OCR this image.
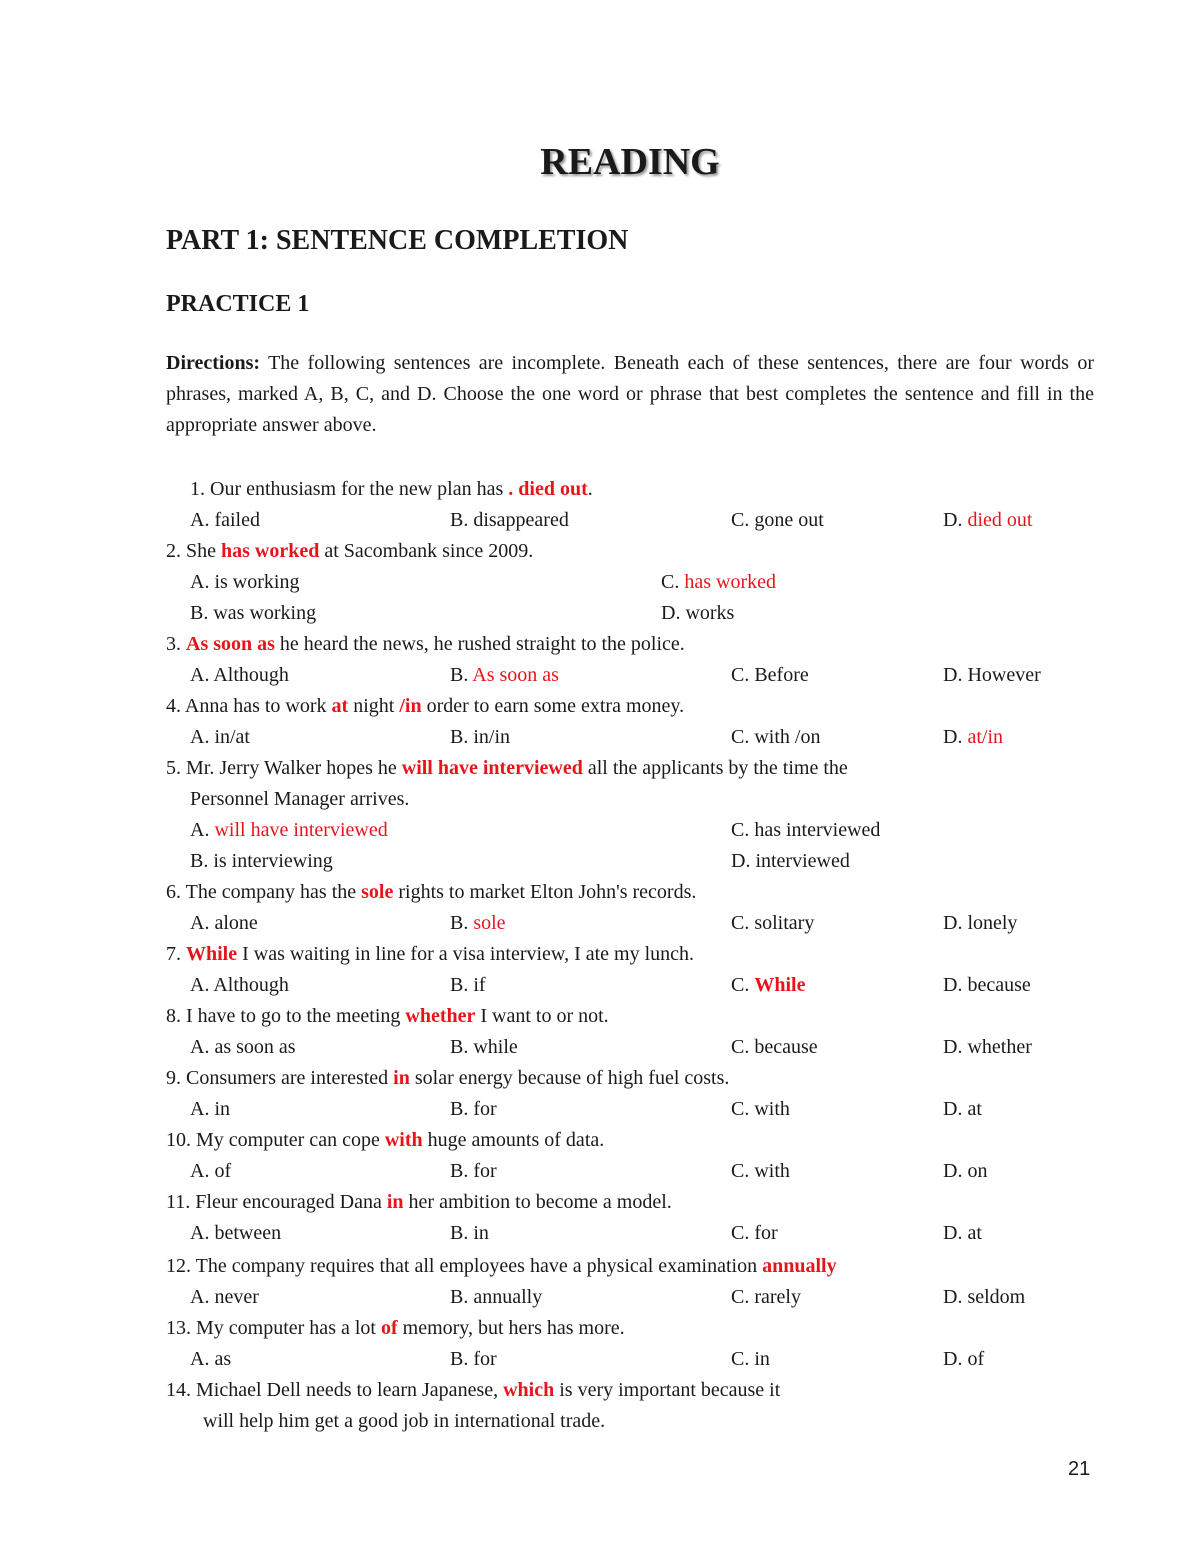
READING
PART 1: SENTENCE COMPLETION
PRACTICE 1
Directions: The following sentences are incomplete. Beneath each of these sentences, there are four words or phrases, marked A, B, C, and D. Choose the one word or phrase that best completes the sentence and fill in the appropriate answer above.
1. Our enthusiasm for the new plan has . died out.
A. failed	B. disappeared	C. gone out	D. died out
2. She has worked at Sacombank since 2009.
A. is working	C. has worked
B. was working	D. works
3. As soon as he heard the news, he rushed straight to the police.
A. Although	B. As soon as	C. Before	D. However
4. Anna has to work at night /in order to earn some extra money.
A. in/at	B. in/in	C. with /on	D. at/in
5. Mr. Jerry Walker hopes he will have interviewed all the applicants by the time the
Personnel Manager arrives.
A. will have interviewed	C. has interviewed
B. is interviewing	D. interviewed
6. The company has the sole rights to market Elton John's records.
A. alone	B. sole	C. solitary	D. lonely
7. While I was waiting in line for a visa interview, I ate my lunch.
A. Although	B. if	C. While	D. because
8. I have to go to the meeting whether I want to or not.
A. as soon as	B. while	C. because	D. whether
9. Consumers are interested in solar energy because of high fuel costs.
A. in	B. for	C. with	D. at
10. My computer can cope with huge amounts of data.
A. of	B. for	C. with	D. on
11. Fleur encouraged Dana in her ambition to become a model.
A. between	B. in	C. for	D. at
12. The company requires that all employees have a physical examination annually
A. never	B. annually	C. rarely	D. seldom
13. My computer has a lot of memory, but hers has more.
A. as	B. for	C. in	D. of
14. Michael Dell needs to learn Japanese, which is very important because it
will help him get a good job in international trade.
21
